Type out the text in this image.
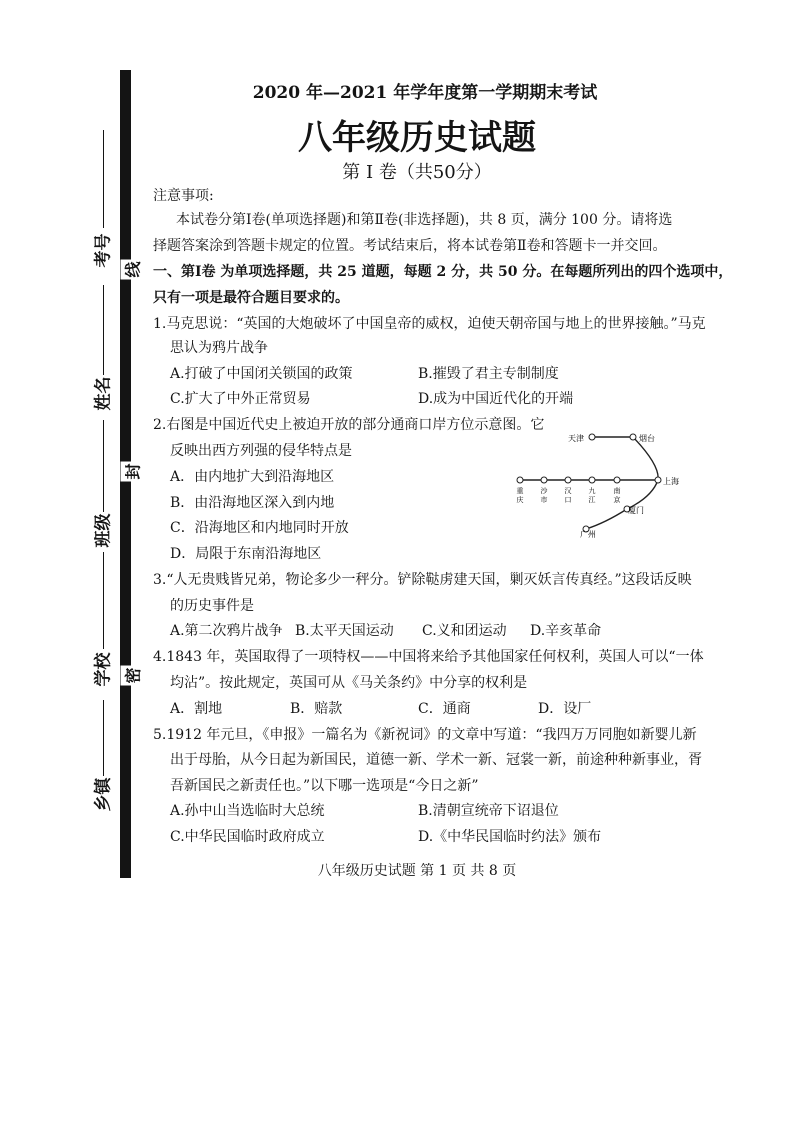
考号
姓名
班级
学校
乡镇
线
封
密
2020 年—2021 年学年度第一学期期末考试
八年级历史试题
第 I 卷（共50分）
注意事项:
本试卷分第Ⅰ卷(单项选择题)和第Ⅱ卷(非选择题)，共 8 页，满分 100 分。请将选
择题答案涂到答题卡规定的位置。考试结束后，将本试卷第Ⅱ卷和答题卡一并交回。
一、第Ⅰ卷 为单项选择题，共 25 道题，每题 2 分，共 50 分。在每题所列出的四个选项中，
只有一项是最符合题目要求的。
1.马克思说：“英国的大炮破坏了中国皇帝的威权，迫使天朝帝国与地上的世界接触。”马克
思认为鸦片战争
A.打破了中国闭关锁国的政策	B.摧毁了君主专制制度
C.扩大了中外正常贸易	D.成为中国近代化的开端
2.右图是中国近代史上被迫开放的部分通商口岸方位示意图。它
反映出西方列强的侵华特点是
A．由内地扩大到沿海地区
B．由沿海地区深入到内地
C．沿海地区和内地同时开放
D．局限于东南沿海地区
天津	烟台
上海
厦门
广州
重庆
沙市
汉口
九江
南京
3.“人无贵贱皆兄弟，物论多少一秤分。铲除鞑虏建天国，剿灭妖言传真经。”这段话反映
的历史事件是
A.第二次鸦片战争 B.太平天国运动 C.义和团运动 D.辛亥革命
4.1843 年，英国取得了一项特权——中国将来给予其他国家任何权利，英国人可以“一体
均沾”。按此规定，英国可从《马关条约》中分享的权利是
A．割地	B．赔款	C．通商	D．设厂
5.1912 年元旦，《申报》一篇名为《新祝词》的文章中写道：“我四万万同胞如新婴儿新
出于母胎，从今日起为新国民，道德一新、学术一新、冠裳一新，前途种种新事业，胥
吾新国民之新责任也。”以下哪一选项是“今日之新”
A.孙中山当选临时大总统	B.清朝宣统帝下诏退位
C.中华民国临时政府成立	D.《中华民国临时约法》颁布
八年级历史试题 第 1 页 共 8 页
